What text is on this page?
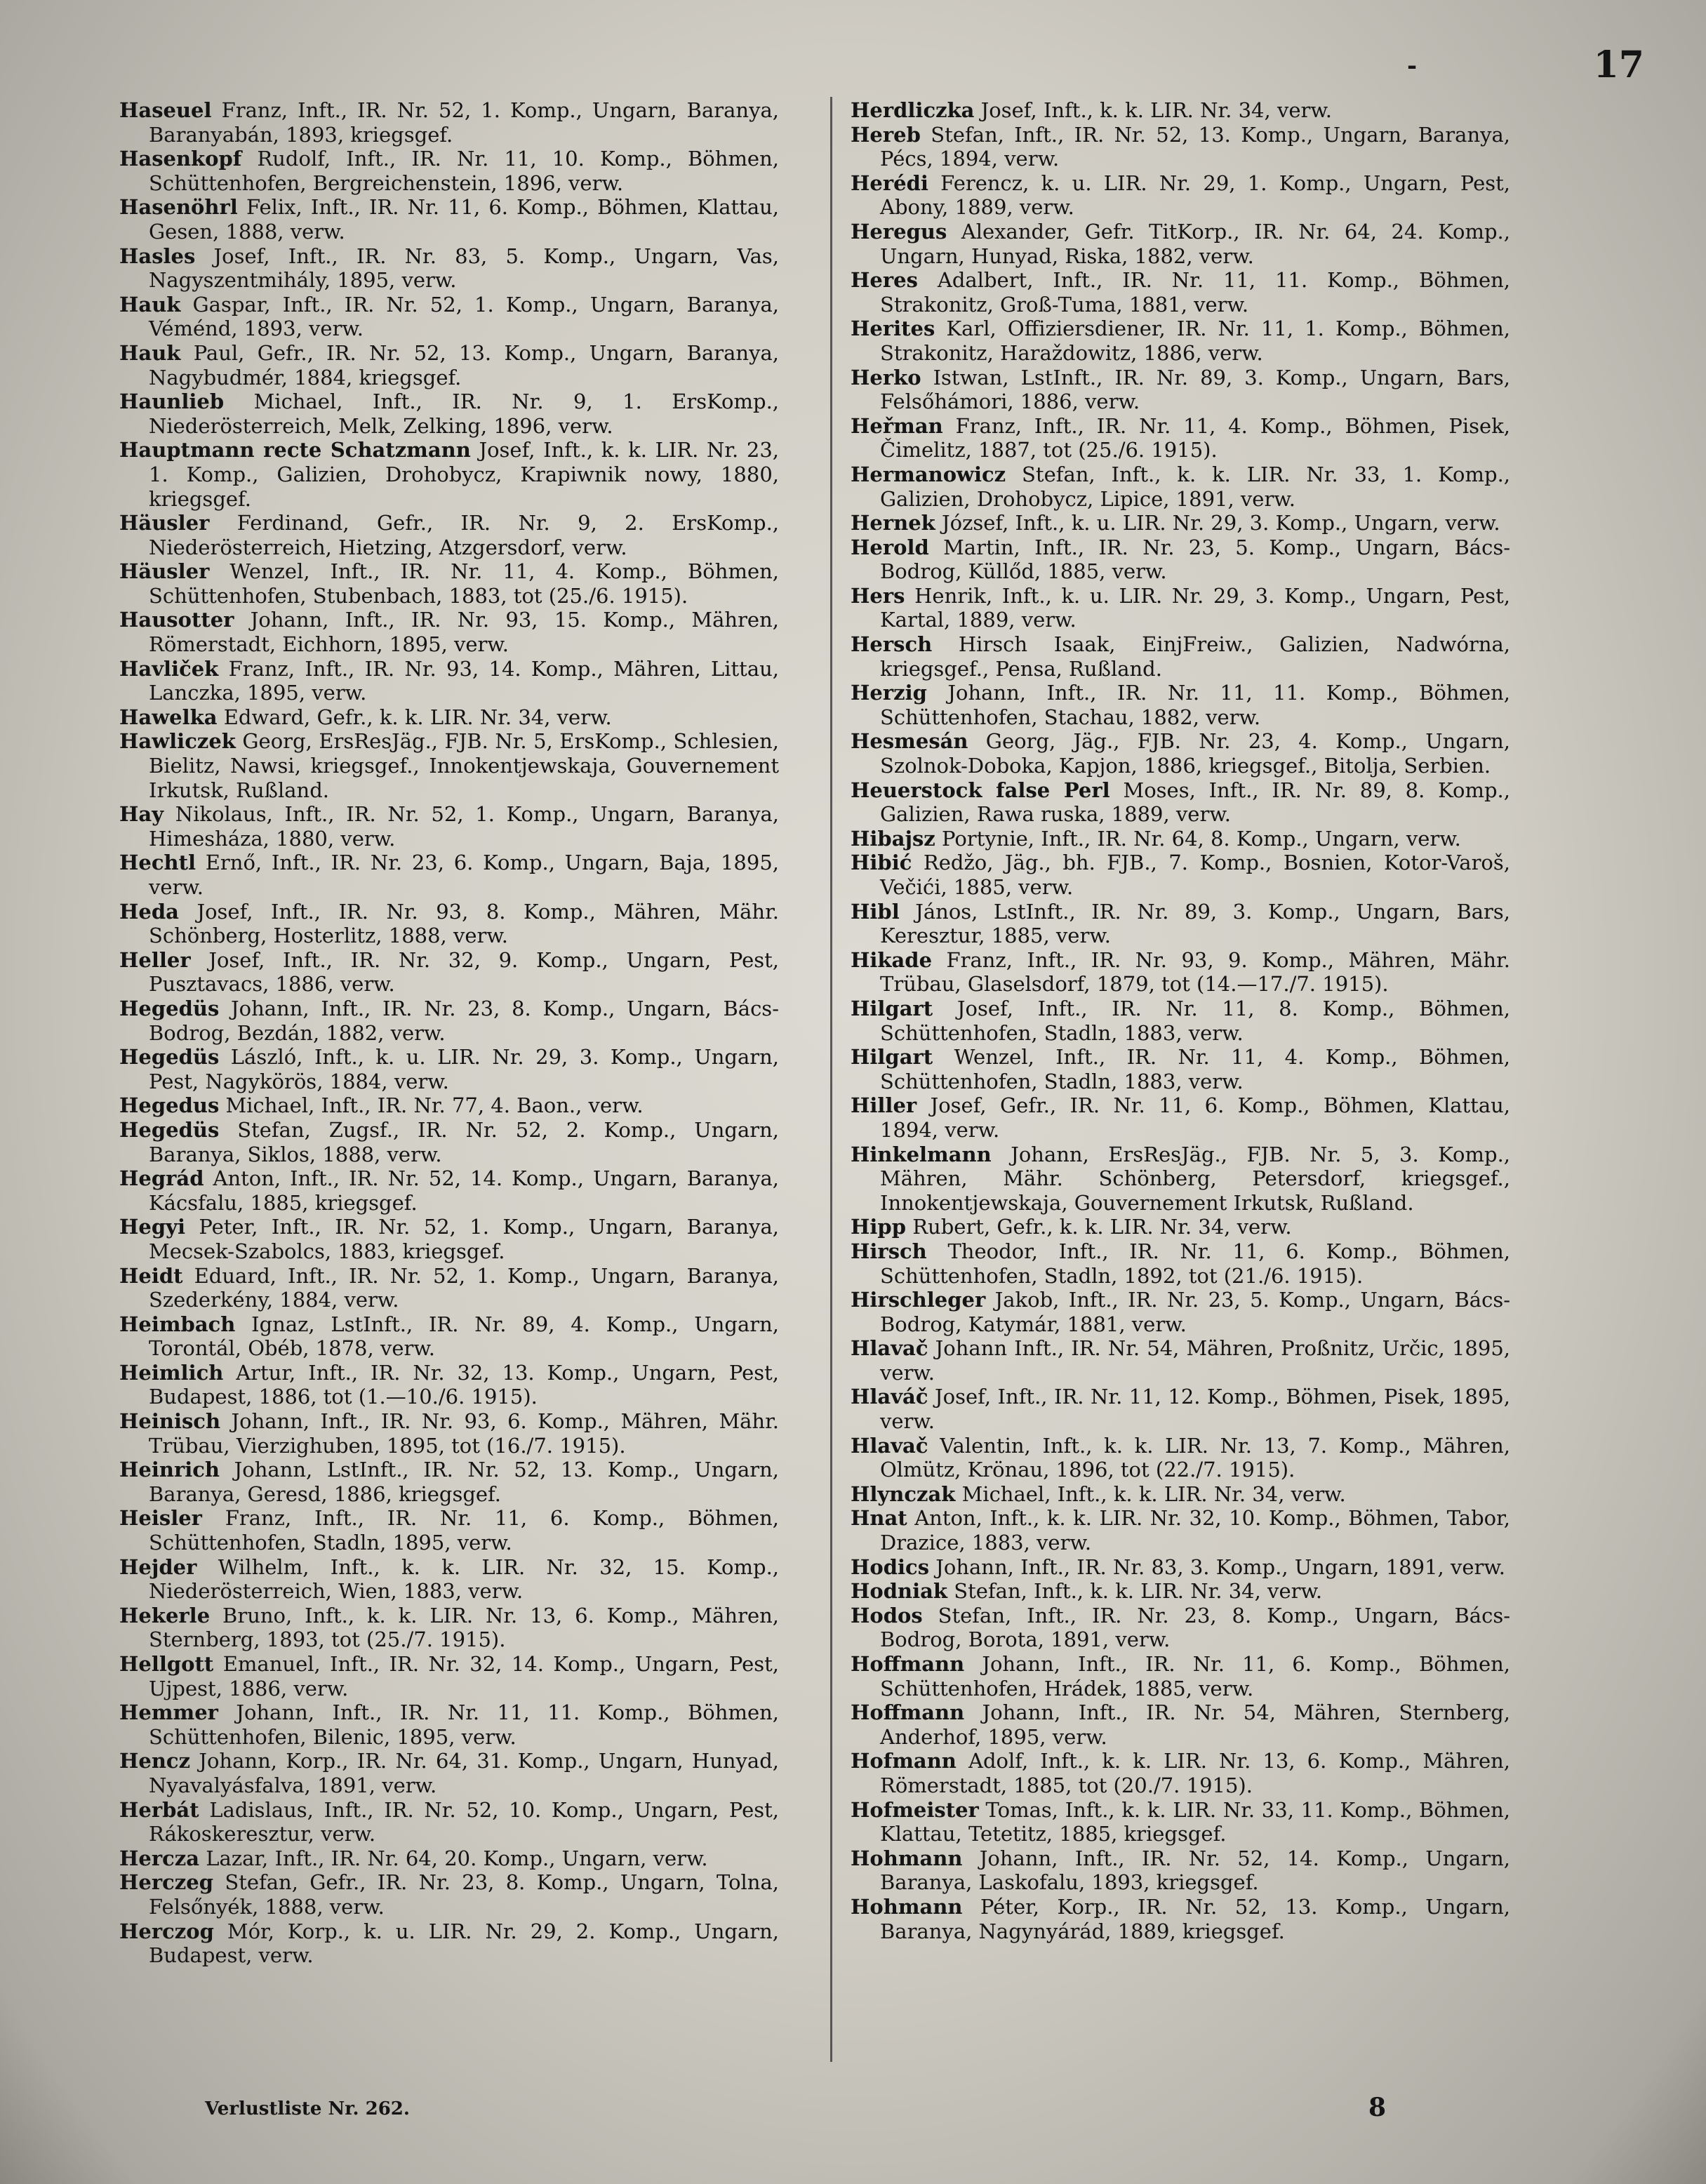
-	17

Haseuel Franz, Inft., IR. Nr. 52, 1. Komp., Ungarn, Baranya, Baranyabán, 1893, kriegsgef.

Hasenkopf Rudolf, Inft., IR. Nr. 11, 10. Komp., Böhmen, Schüttenhofen, Bergreichenstein, 1896, verw.

Hasenöhrl Felix, Inft., IR. Nr. 11, 6. Komp., Böhmen, Klattau, Gesen, 1888, verw.

Hasles Josef, Inft., IR. Nr. 83, 5. Komp., Ungarn, Vas, Nagyszentmihály, 1895, verw.

Hauk Gaspar, Inft., IR. Nr. 52, 1. Komp., Ungarn, Baranya, Véménd, 1893, verw.

Hauk Paul, Gefr., IR. Nr. 52, 13. Komp., Ungarn, Baranya, Nagybudmér, 1884, kriegsgef.

Haunlieb Michael, Inft., IR. Nr. 9, 1. ErsKomp., Niederösterreich, Melk, Zelking, 1896, verw.

Hauptmann recte Schatzmann Josef, Inft., k. k. LIR. Nr. 23, 1. Komp., Galizien, Drohobycz, Krapiwnik nowy, 1880, kriegsgef.

Häusler Ferdinand, Gefr., IR. Nr. 9, 2. ErsKomp., Niederösterreich, Hietzing, Atzgersdorf, verw.

Häusler Wenzel, Inft., IR. Nr. 11, 4. Komp., Böhmen, Schüttenhofen, Stubenbach, 1883, tot (25./6. 1915).

Hausotter Johann, Inft., IR. Nr. 93, 15. Komp., Mähren, Römerstadt, Eichhorn, 1895, verw.

Havliček Franz, Inft., IR. Nr. 93, 14. Komp., Mähren, Littau, Lanczka, 1895, verw.

Hawelka Edward, Gefr., k. k. LIR. Nr. 34, verw.

Hawliczek Georg, ErsResJäg., FJB. Nr. 5, ErsKomp., Schlesien, Bielitz, Nawsi, kriegsgef., Innokentjewskaja, Gouvernement Irkutsk, Rußland.

Hay Nikolaus, Inft., IR. Nr. 52, 1. Komp., Ungarn, Baranya, Himesháza, 1880, verw.

Hechtl Ernő, Inft., IR. Nr. 23, 6. Komp., Ungarn, Baja, 1895, verw.

Heda Josef, Inft., IR. Nr. 93, 8. Komp., Mähren, Mähr. Schönberg, Hosterlitz, 1888, verw.

Heller Josef, Inft., IR. Nr. 32, 9. Komp., Ungarn, Pest, Pusztavacs, 1886, verw.

Hegedüs Johann, Inft., IR. Nr. 23, 8. Komp., Ungarn, Bács-Bodrog, Bezdán, 1882, verw.

Hegedüs László, Inft., k. u. LIR. Nr. 29, 3. Komp., Ungarn, Pest, Nagykörös, 1884, verw.

Hegedus Michael, Inft., IR. Nr. 77, 4. Baon., verw.

Hegedüs Stefan, Zugsf., IR. Nr. 52, 2. Komp., Ungarn, Baranya, Siklos, 1888, verw.

Hegrád Anton, Inft., IR. Nr. 52, 14. Komp., Ungarn, Baranya, Kácsfalu, 1885, kriegsgef.

Hegyi Peter, Inft., IR. Nr. 52, 1. Komp., Ungarn, Baranya, Mecsek-Szabolcs, 1883, kriegsgef.

Heidt Eduard, Inft., IR. Nr. 52, 1. Komp., Ungarn, Baranya, Szederkény, 1884, verw.

Heimbach Ignaz, LstInft., IR. Nr. 89, 4. Komp., Ungarn, Torontál, Obéb, 1878, verw.

Heimlich Artur, Inft., IR. Nr. 32, 13. Komp., Ungarn, Pest, Budapest, 1886, tot (1.—10./6. 1915).

Heinisch Johann, Inft., IR. Nr. 93, 6. Komp., Mähren, Mähr. Trübau, Vierzighuben, 1895, tot (16./7. 1915).

Heinrich Johann, LstInft., IR. Nr. 52, 13. Komp., Ungarn, Baranya, Geresd, 1886, kriegsgef.

Heisler Franz, Inft., IR. Nr. 11, 6. Komp., Böhmen, Schüttenhofen, Stadln, 1895, verw.

Hejder Wilhelm, Inft., k. k. LIR. Nr. 32, 15. Komp., Niederösterreich, Wien, 1883, verw.

Hekerle Bruno, Inft., k. k. LIR. Nr. 13, 6. Komp., Mähren, Sternberg, 1893, tot (25./7. 1915).

Hellgott Emanuel, Inft., IR. Nr. 32, 14. Komp., Ungarn, Pest, Ujpest, 1886, verw.

Hemmer Johann, Inft., IR. Nr. 11, 11. Komp., Böhmen, Schüttenhofen, Bilenic, 1895, verw.

Hencz Johann, Korp., IR. Nr. 64, 31. Komp., Ungarn, Hunyad, Nyavalyásfalva, 1891, verw.

Herbát Ladislaus, Inft., IR. Nr. 52, 10. Komp., Ungarn, Pest, Rákoskeresztur, verw.

Hercza Lazar, Inft., IR. Nr. 64, 20. Komp., Ungarn, verw.

Herczeg Stefan, Gefr., IR. Nr. 23, 8. Komp., Ungarn, Tolna, Felsőnyék, 1888, verw.

Herczog Mór, Korp., k. u. LIR. Nr. 29, 2. Komp., Ungarn, Budapest, verw.

Herdliczka Josef, Inft., k. k. LIR. Nr. 34, verw.

Hereb Stefan, Inft., IR. Nr. 52, 13. Komp., Ungarn, Baranya, Pécs, 1894, verw.

Herédi Ferencz, k. u. LIR. Nr. 29, 1. Komp., Ungarn, Pest, Abony, 1889, verw.

Heregus Alexander, Gefr. TitKorp., IR. Nr. 64, 24. Komp., Ungarn, Hunyad, Riska, 1882, verw.

Heres Adalbert, Inft., IR. Nr. 11, 11. Komp., Böhmen, Strakonitz, Groß-Tuma, 1881, verw.

Herites Karl, Offiziersdiener, IR. Nr. 11, 1. Komp., Böhmen, Strakonitz, Haraždowitz, 1886, verw.

Herko Istwan, LstInft., IR. Nr. 89, 3. Komp., Ungarn, Bars, Felsőhámori, 1886, verw.

Heřman Franz, Inft., IR. Nr. 11, 4. Komp., Böhmen, Pisek, Čimelitz, 1887, tot (25./6. 1915).

Hermanowicz Stefan, Inft., k. k. LIR. Nr. 33, 1. Komp., Galizien, Drohobycz, Lipice, 1891, verw.

Hernek József, Inft., k. u. LIR. Nr. 29, 3. Komp., Ungarn, verw.

Herold Martin, Inft., IR. Nr. 23, 5. Komp., Ungarn, Bács-Bodrog, Küllőd, 1885, verw.

Hers Henrik, Inft., k. u. LIR. Nr. 29, 3. Komp., Ungarn, Pest, Kartal, 1889, verw.

Hersch Hirsch Isaak, EinjFreiw., Galizien, Nadwórna, kriegsgef., Pensa, Rußland.

Herzig Johann, Inft., IR. Nr. 11, 11. Komp., Böhmen, Schüttenhofen, Stachau, 1882, verw.

Hesmesán Georg, Jäg., FJB. Nr. 23, 4. Komp., Ungarn, Szolnok-Doboka, Kapjon, 1886, kriegsgef., Bitolja, Serbien.

Heuerstock false Perl Moses, Inft., IR. Nr. 89, 8. Komp., Galizien, Rawa ruska, 1889, verw.

Hibajsz Portynie, Inft., IR. Nr. 64, 8. Komp., Ungarn, verw.

Hibić Redžo, Jäg., bh. FJB., 7. Komp., Bosnien, Kotor-Varoš, Večići, 1885, verw.

Hibl János, LstInft., IR. Nr. 89, 3. Komp., Ungarn, Bars, Keresztur, 1885, verw.

Hikade Franz, Inft., IR. Nr. 93, 9. Komp., Mähren, Mähr. Trübau, Glaselsdorf, 1879, tot (14.—17./7. 1915).

Hilgart Josef, Inft., IR. Nr. 11, 8. Komp., Böhmen, Schüttenhofen, Stadln, 1883, verw.

Hilgart Wenzel, Inft., IR. Nr. 11, 4. Komp., Böhmen, Schüttenhofen, Stadln, 1883, verw.

Hiller Josef, Gefr., IR. Nr. 11, 6. Komp., Böhmen, Klattau, 1894, verw.

Hinkelmann Johann, ErsResJäg., FJB. Nr. 5, 3. Komp., Mähren, Mähr. Schönberg, Petersdorf, kriegsgef., Innokentjewskaja, Gouvernement Irkutsk, Rußland.

Hipp Rubert, Gefr., k. k. LIR. Nr. 34, verw.

Hirsch Theodor, Inft., IR. Nr. 11, 6. Komp., Böhmen, Schüttenhofen, Stadln, 1892, tot (21./6. 1915).

Hirschleger Jakob, Inft., IR. Nr. 23, 5. Komp., Ungarn, Bács-Bodrog, Katymár, 1881, verw.

Hlavač Johann Inft., IR. Nr. 54, Mähren, Proßnitz, Určic, 1895, verw.

Hlaváč Josef, Inft., IR. Nr. 11, 12. Komp., Böhmen, Pisek, 1895, verw.

Hlavač Valentin, Inft., k. k. LIR. Nr. 13, 7. Komp., Mähren, Olmütz, Krönau, 1896, tot (22./7. 1915).

Hlynczak Michael, Inft., k. k. LIR. Nr. 34, verw.

Hnat Anton, Inft., k. k. LIR. Nr. 32, 10. Komp., Böhmen, Tabor, Drazice, 1883, verw.

Hodics Johann, Inft., IR. Nr. 83, 3. Komp., Ungarn, 1891, verw.

Hodniak Stefan, Inft., k. k. LIR. Nr. 34, verw.

Hodos Stefan, Inft., IR. Nr. 23, 8. Komp., Ungarn, Bács-Bodrog, Borota, 1891, verw.

Hoffmann Johann, Inft., IR. Nr. 11, 6. Komp., Böhmen, Schüttenhofen, Hrádek, 1885, verw.

Hoffmann Johann, Inft., IR. Nr. 54, Mähren, Sternberg, Anderhof, 1895, verw.

Hofmann Adolf, Inft., k. k. LIR. Nr. 13, 6. Komp., Mähren, Römerstadt, 1885, tot (20./7. 1915).

Hofmeister Tomas, Inft., k. k. LIR. Nr. 33, 11. Komp., Böhmen, Klattau, Tetetitz, 1885, kriegsgef.

Hohmann Johann, Inft., IR. Nr. 52, 14. Komp., Ungarn, Baranya, Laskofalu, 1893, kriegsgef.

Hohmann Péter, Korp., IR. Nr. 52, 13. Komp., Ungarn, Baranya, Nagynyárád, 1889, kriegsgef.

Verlustliste Nr. 262.	8
